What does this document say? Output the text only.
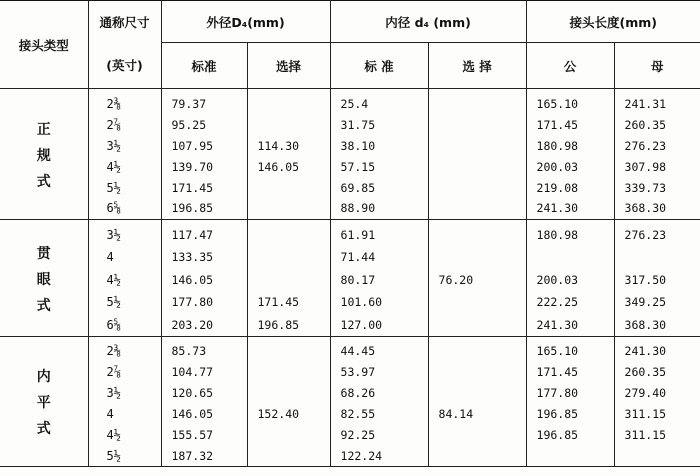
接头类型	通称尺寸	外径D₄(mm)		内径 d₄ (mm)		接头长度(mm)	
	(英寸)	标准	选择	标 准	选 择	公	母

正
规
式	2⅜	79.37		25.4		165.10	241.31
	2⅞	95.25		31.75		171.45	260.35
	3½	107.95	114.30	38.10		180.98	276.23
	4½	139.70	146.05	57.15		200.03	307.98
	5½	171.45		69.85		219.08	339.73
	6⅝	196.85		88.90		241.30	368.30

贯
眼
式	3½	117.47		61.91		180.98	276.23
	4	133.35		71.44			
	4½	146.05		80.17	76.20	200.03	317.50
	5½	177.80	171.45	101.60		222.25	349.25
	6⅝	203.20	196.85	127.00		241.30	368.30

内
平
式	2⅜	85.73		44.45		165.10	241.30
	2⅞	104.77		53.97		171.45	260.35
	3½	120.65		68.26		177.80	279.40
	4	146.05	152.40	82.55	84.14	196.85	311.15
	4½	155.57		92.25		196.85	311.15
	5½	187.32		122.24			
